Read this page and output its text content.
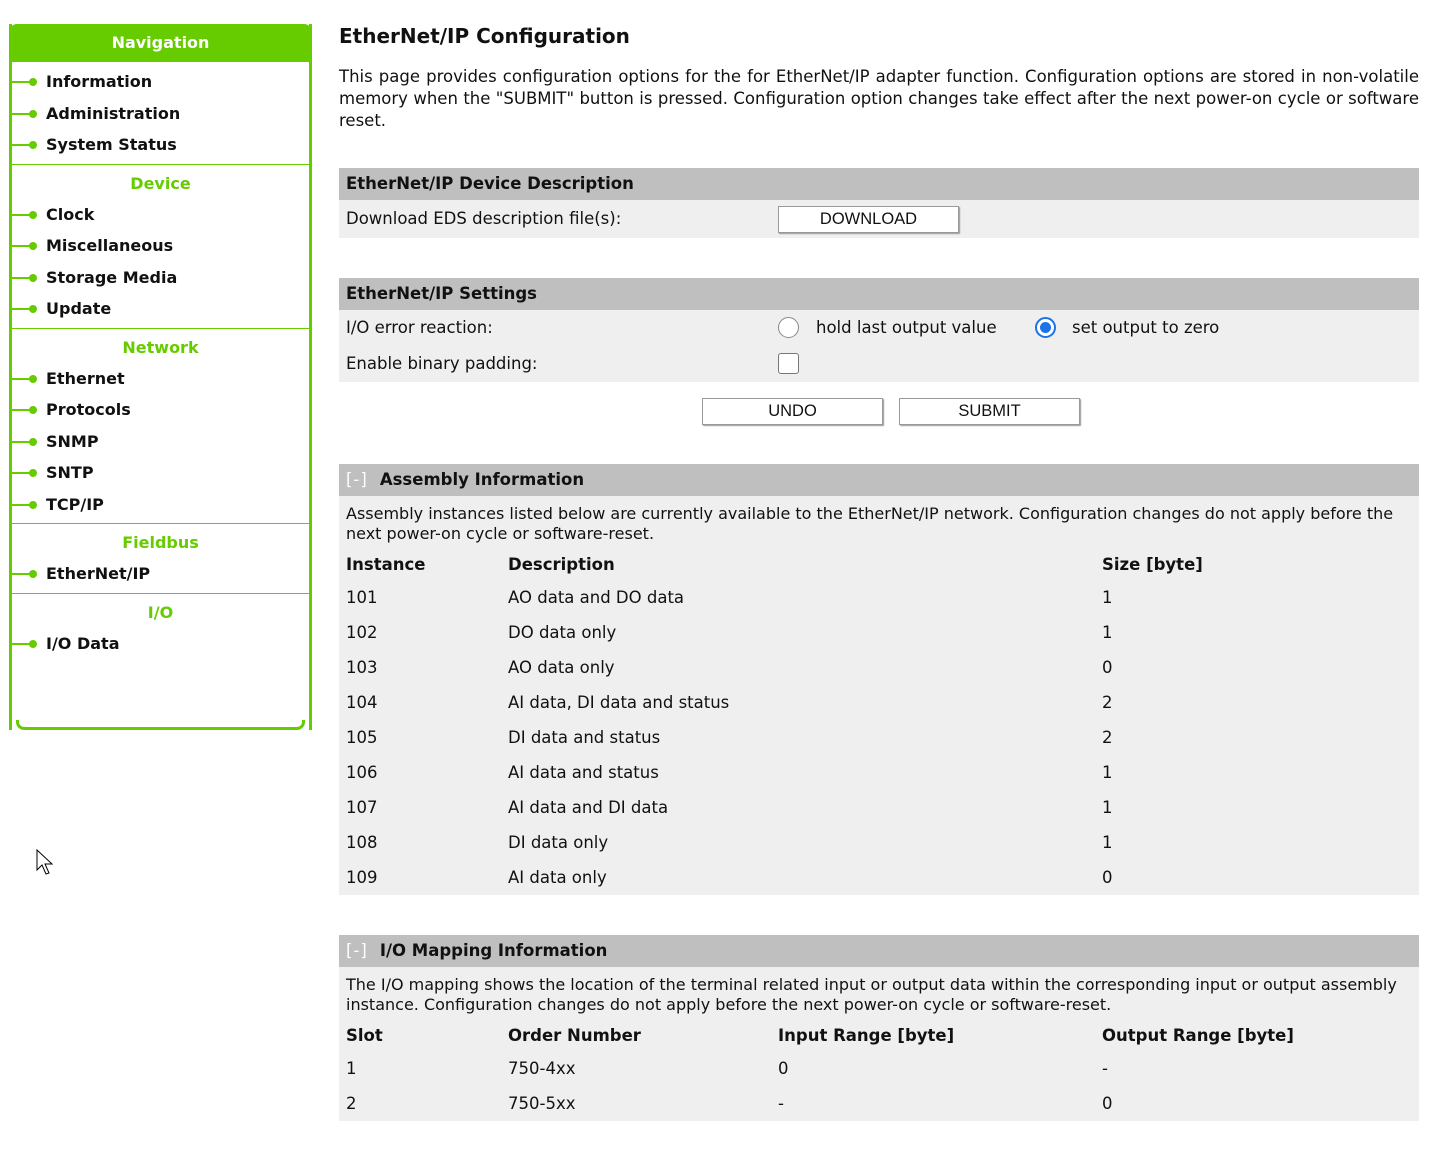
Navigation
Information
Administration
System Status
Device
Clock
Miscellaneous
Storage Media
Update
Network
Ethernet
Protocols
SNMP
SNTP
TCP/IP
Fieldbus
EtherNet/IP
I/O
I/O Data
EtherNet/IP Configuration

This page provides configuration options for the for EtherNet/IP adapter function. Configuration options are stored in non-volatile memory when the "SUBMIT" button is pressed. Configuration option changes take effect after the next power-on cycle or software reset.

EtherNet/IP Device Description
Download EDS description file(s):	DOWNLOAD
EtherNet/IP Settings
I/O error reaction:	hold last output value	set output to zero
Enable binary padding:
UNDO	SUBMIT
[-] Assembly Information
Assembly instances listed below are currently available to the EtherNet/IP network. Configuration changes do not apply before the next power-on cycle or software-reset.
Instance	Description	Size [byte]
101	AO data and DO data	1
102	DO data only	1
103	AO data only	0
104	AI data, DI data and status	2
105	DI data and status	2
106	AI data and status	1
107	AI data and DI data	1
108	DI data only	1
109	AI data only	0
[-] I/O Mapping Information
The I/O mapping shows the location of the terminal related input or output data within the corresponding input or output assembly instance. Configuration changes do not apply before the next power-on cycle or software-reset.
Slot	Order Number	Input Range [byte]	Output Range [byte]
1	750-4xx	0	-
2	750-5xx	-	0
